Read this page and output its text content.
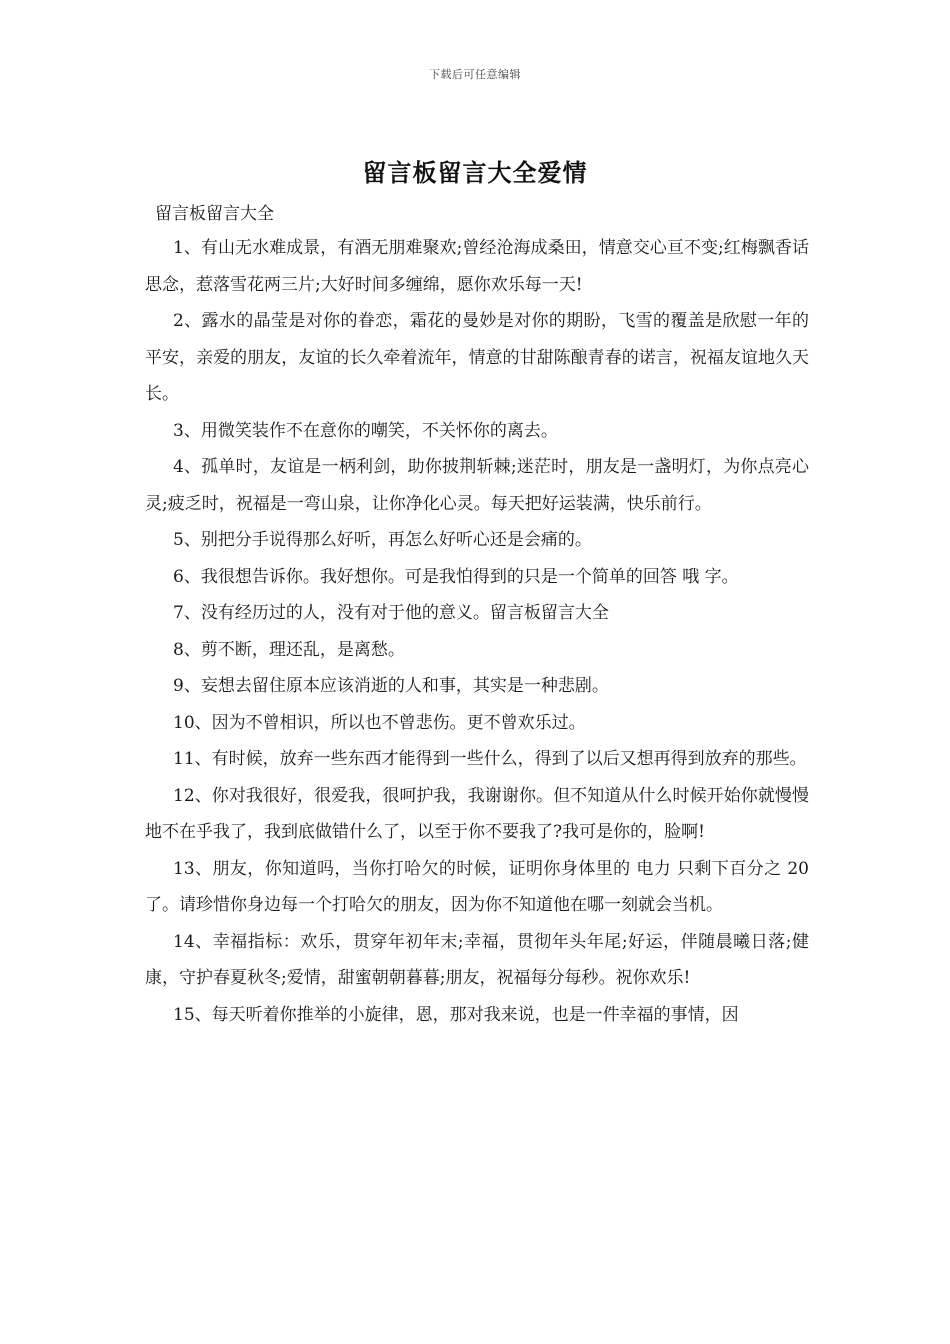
下载后可任意编辑
留言板留言大全爱情
留言板留言大全

1、有山无水难成景，有酒无朋难聚欢;曾经沧海成桑田，情意交心亘不变;红梅飘香话思念，惹落雪花两三片;大好时间多缠绵，愿你欢乐每一天!

2、露水的晶莹是对你的眷恋，霜花的曼妙是对你的期盼，飞雪的覆盖是欣慰一年的平安，亲爱的朋友，友谊的长久牵着流年，情意的甘甜陈酿青春的诺言，祝福友谊地久天长。

3、用微笑装作不在意你的嘲笑，不关怀你的离去。

4、孤单时，友谊是一柄利剑，助你披荆斩棘;迷茫时，朋友是一盏明灯，为你点亮心灵;疲乏时，祝福是一弯山泉，让你净化心灵。每天把好运装满，快乐前行。

5、别把分手说得那么好听，再怎么好听心还是会痛的。

6、我很想告诉你。我好想你。可是我怕得到的只是一个简单的回答 哦 字。

7、没有经历过的人，没有对于他的意义。留言板留言大全

8、剪不断，理还乱，是离愁。

9、妄想去留住原本应该消逝的人和事，其实是一种悲剧。

10、因为不曾相识，所以也不曾悲伤。更不曾欢乐过。

11、有时候，放弃一些东西才能得到一些什么，得到了以后又想再得到放弃的那些。

12、你对我很好，很爱我，很呵护我，我谢谢你。但不知道从什么时候开始你就慢慢地不在乎我了，我到底做错什么了，以至于你不要我了?我可是你的，脸啊!

13、朋友，你知道吗，当你打哈欠的时候，证明你身体里的 电力 只剩下百分之 20 了。请珍惜你身边每一个打哈欠的朋友，因为你不知道他在哪一刻就会当机。

14、幸福指标：欢乐，贯穿年初年末;幸福，贯彻年头年尾;好运，伴随晨曦日落;健康，守护春夏秋冬;爱情，甜蜜朝朝暮暮;朋友，祝福每分每秒。祝你欢乐!

15、每天听着你推举的小旋律，恩，那对我来说，也是一件幸福的事情，因
